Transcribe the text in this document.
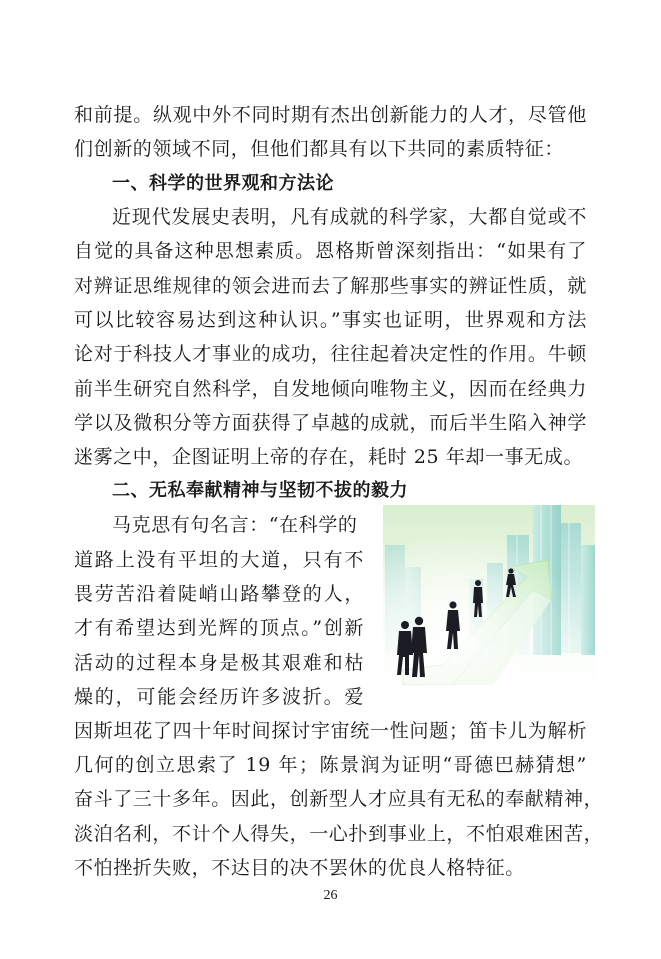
和前提。纵观中外不同时期有杰出创新能力的人才，尽管他
们创新的领域不同，但他们都具有以下共同的素质特征：
一、科学的世界观和方法论
近现代发展史表明，凡有成就的科学家，大都自觉或不
自觉的具备这种思想素质。恩格斯曾深刻指出：“如果有了
对辨证思维规律的领会进而去了解那些事实的辨证性质，就
可以比较容易达到这种认识。”事实也证明，世界观和方法
论对于科技人才事业的成功，往往起着决定性的作用。牛顿
前半生研究自然科学，自发地倾向唯物主义，因而在经典力
学以及微积分等方面获得了卓越的成就，而后半生陷入神学
迷雾之中，企图证明上帝的存在，耗时 25 年却一事无成。
二、无私奉献精神与坚韧不拔的毅力
马克思有句名言：“在科学的
道路上没有平坦的大道，只有不
畏劳苦沿着陡峭山路攀登的人，
才有希望达到光辉的顶点。”创新
活动的过程本身是极其艰难和枯
燥的，可能会经历许多波折。爱
因斯坦花了四十年时间探讨宇宙统一性问题；笛卡儿为解析
几何的创立思索了 19 年；陈景润为证明“哥德巴赫猜想”
奋斗了三十多年。因此，创新型人才应具有无私的奉献精神，
淡泊名利，不计个人得失，一心扑到事业上，不怕艰难困苦，
不怕挫折失败，不达目的决不罢休的优良人格特征。
26
